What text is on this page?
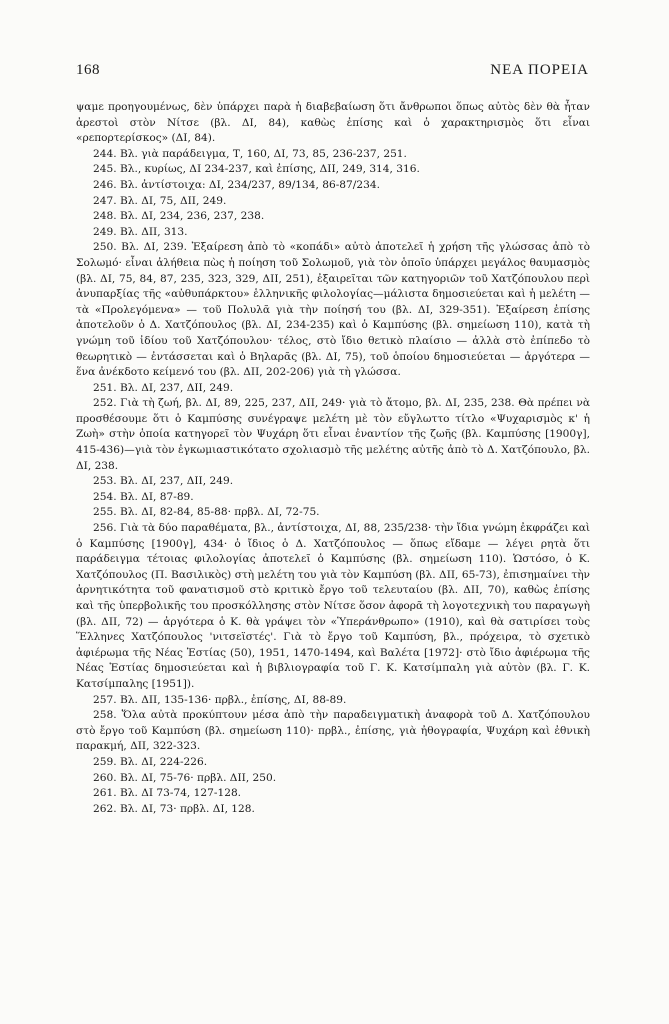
168	ΝΕΑ ΠΟΡΕΙΑ

ψαμε προηγουμένως, δὲν ὑπάρχει παρὰ ἡ διαβεβαίωση ὅτι ἄνθρωποι ὅπως αὐτὸς δὲν θὰ ἦταν ἀρεστοὶ στὸν Νίτσε (βλ. ΔΙ, 84), καθὼς ἐπίσης καὶ ὁ χαρακτηρισμὸς ὅτι εἶναι «ρεπορτερίσκος» (ΔΙ, 84).

244. Βλ. γιὰ παράδειγμα, Τ, 160, ΔΙ, 73, 85, 236-237, 251.

245. Βλ., κυρίως, ΔΙ 234-237, καὶ ἐπίσης, ΔΙΙ, 249, 314, 316.

246. Βλ. ἀντίστοιχα: ΔΙ, 234/237, 89/134, 86-87/234.

247. Βλ. ΔΙ, 75, ΔΙΙ, 249.

248. Βλ. ΔΙ, 234, 236, 237, 238.

249. Βλ. ΔΙΙ, 313.

250. Βλ. ΔΙ, 239. Ἐξαίρεση ἀπὸ τὸ «κοπάδι» αὐτὸ ἀποτελεῖ ἡ χρήση τῆς γλώσσας ἀπὸ τὸ Σολωμό· εἶναι ἀλήθεια πὼς ἡ ποίηση τοῦ Σολωμοῦ, γιὰ τὸν ὁποῖο ὑπάρχει μεγάλος θαυμασμὸς (βλ. ΔΙ, 75, 84, 87, 235, 323, 329, ΔΙΙ, 251), ἐξαιρεῖται τῶν κατηγοριῶν τοῦ Χατζόπουλου περὶ ἀνυπαρξίας τῆς «αὐθυπάρκτου» ἑλληνικῆς φιλολογίας—μάλιστα δημοσιεύεται καὶ ἡ μελέτη — τὰ «Προλεγόμενα» — τοῦ Πολυλᾶ γιὰ τὴν ποίησή του (βλ. ΔΙ, 329-351). Ἐξαίρεση ἐπίσης ἀποτελοῦν ὁ Δ. Χατζόπουλος (βλ. ΔΙ, 234-235) καὶ ὁ Καμπύσης (βλ. σημείωση 110), κατὰ τὴ γνώμη τοῦ ἰδίου τοῦ Χατζόπουλου· τέλος, στὸ ἴδιο θετικὸ πλαίσιο — ἀλλὰ στὸ ἐπίπεδο τὸ θεωρητικὸ — ἐντάσσεται καὶ ὁ Βηλαρᾶς (βλ. ΔΙ, 75), τοῦ ὁποίου δημοσιεύεται — ἀργότερα — ἕνα ἀνέκδοτο κείμενό του (βλ. ΔΙΙ, 202-206) γιὰ τὴ γλώσσα.

251. Βλ. ΔΙ, 237, ΔΙΙ, 249.

252. Γιὰ τὴ ζωή, βλ. ΔΙ, 89, 225, 237, ΔΙΙ, 249· γιὰ τὸ ἄτομο, βλ. ΔΙ, 235, 238. Θὰ πρέπει νὰ προσθέσουμε ὅτι ὁ Καμπύσης συνέγραψε μελέτη μὲ τὸν εὔγλωττο τίτλο «Ψυχαρισμὸς κ' ἡ Ζωὴ» στὴν ὁποία κατηγορεῖ τὸν Ψυχάρη ὅτι εἶναι ἐναντίον τῆς ζωῆς (βλ. Καμπύσης [1900γ], 415-436)—γιὰ τὸν ἐγκωμιαστικότατο σχολιασμὸ τῆς μελέτης αὐτῆς ἀπὸ τὸ Δ. Χατζόπουλο, βλ. ΔΙ, 238.

253. Βλ. ΔΙ, 237, ΔΙΙ, 249.

254. Βλ. ΔΙ, 87-89.

255. Βλ. ΔΙ, 82-84, 85-88· πρβλ. ΔΙ, 72-75.

256. Γιὰ τὰ δύο παραθέματα, βλ., ἀντίστοιχα, ΔΙ, 88, 235/238· τὴν ἴδια γνώμη ἐκφράζει καὶ ὁ Καμπύσης [1900γ], 434· ὁ ἴδιος ὁ Δ. Χατζόπουλος — ὅπως εἴδαμε — λέγει ρητὰ ὅτι παράδειγμα τέτοιας φιλολογίας ἀποτελεῖ ὁ Καμπύσης (βλ. σημείωση 110). Ὡστόσο, ὁ Κ. Χατζόπουλος (Π. Βασιλικὸς) στὴ μελέτη του γιὰ τὸν Καμπύση (βλ. ΔΙΙ, 65-73), ἐπισημαίνει τὴν ἀρνητικότητα τοῦ φανατισμοῦ στὸ κριτικὸ ἔργο τοῦ τελευταίου (βλ. ΔΙΙ, 70), καθὼς ἐπίσης καὶ τῆς ὑπερβολικῆς του προσκόλλησης στὸν Νίτσε ὅσον ἀφορᾶ τὴ λογοτεχνικὴ του παραγωγὴ (βλ. ΔΙΙ, 72) — ἀργότερα ὁ Κ. θὰ γράψει τὸν «Ὑπεράνθρωπο» (1910), καὶ θὰ σατιρίσει τοὺς Ἕλληνες Χατζόπουλος 'νιτσεϊστές'. Γιὰ τὸ ἔργο τοῦ Καμπύση, βλ., πρόχειρα, τὸ σχετικὸ ἀφιέρωμα τῆς Νέας Ἑστίας (50), 1951, 1470-1494, καὶ Βαλέτα [1972]· στὸ ἴδιο ἀφιέρωμα τῆς Νέας Ἑστίας δημοσιεύεται καὶ ἡ βιβλιογραφία τοῦ Γ. Κ. Κατσίμπαλη γιὰ αὐτὸν (βλ. Γ. Κ. Κατσίμπαλης [1951]).

257. Βλ. ΔΙΙ, 135-136· πρβλ., ἐπίσης, ΔΙ, 88-89.

258. Ὅλα αὐτὰ προκύπτουν μέσα ἀπὸ τὴν παραδειγματικὴ ἀναφορὰ τοῦ Δ. Χατζόπουλου στὸ ἔργο τοῦ Καμπύση (βλ. σημείωση 110)· πρβλ., ἐπίσης, γιὰ ἠθογραφία, Ψυχάρη καὶ ἐθνικὴ παρακμή, ΔΙΙ, 322-323.

259. Βλ. ΔΙ, 224-226.

260. Βλ. ΔΙ, 75-76· πρβλ. ΔΙΙ, 250.

261. Βλ. ΔΙ 73-74, 127-128.

262. Βλ. ΔΙ, 73· πρβλ. ΔΙ, 128.
